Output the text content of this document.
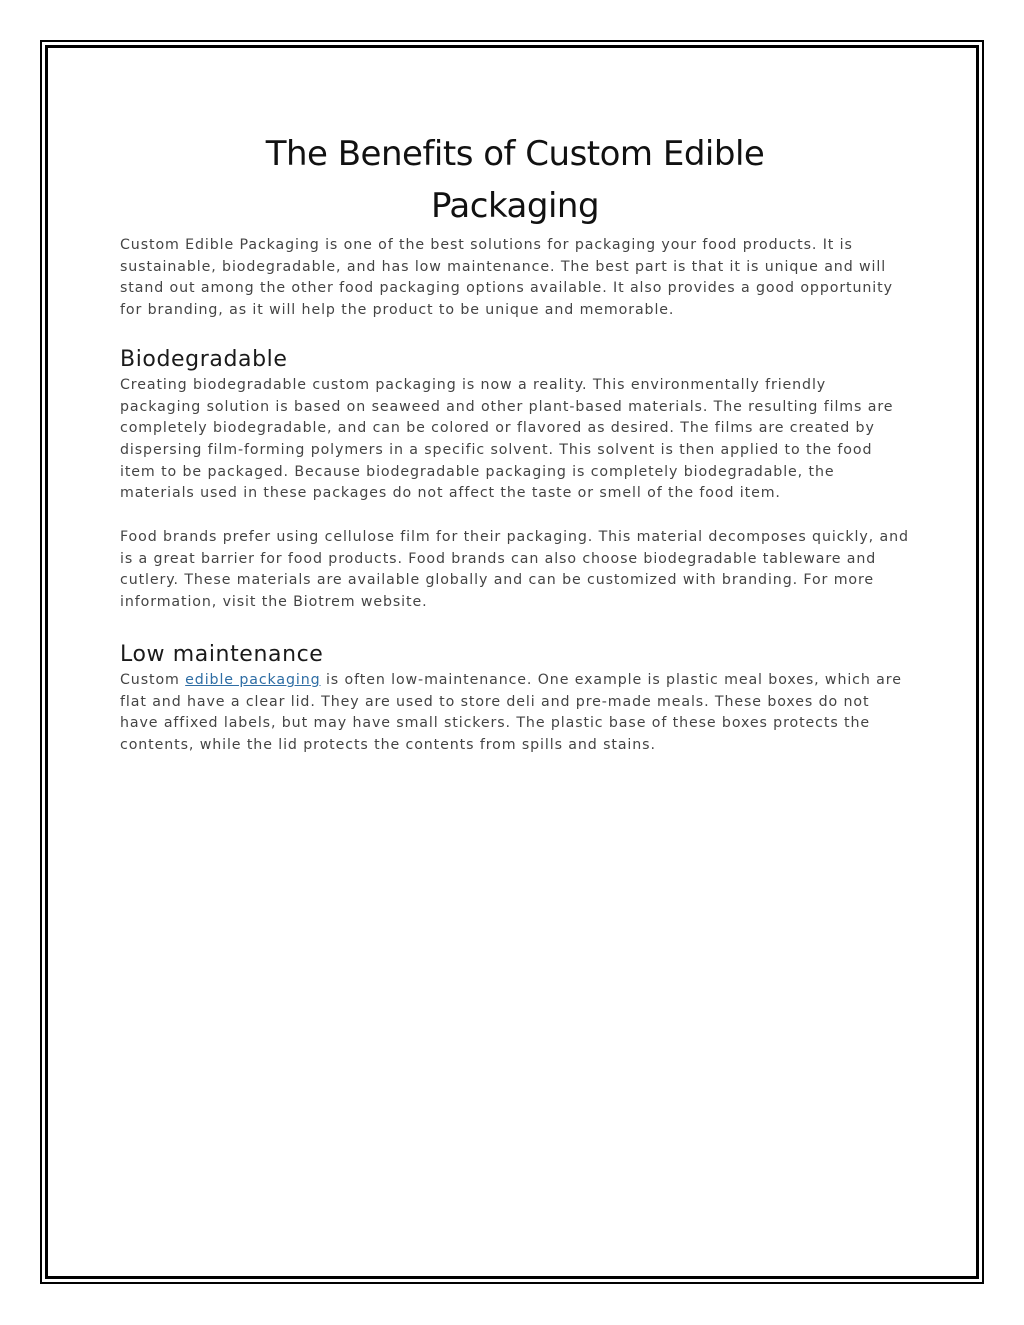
The Benefits of Custom Edible
Packaging

Custom Edible Packaging is one of the best solutions for packaging your food products. It is sustainable, biodegradable, and has low maintenance. The best part is that it is unique and will stand out among the other food packaging options available. It also provides a good opportunity for branding, as it will help the product to be unique and memorable.

Biodegradable

Creating biodegradable custom packaging is now a reality. This environmentally friendly packaging solution is based on seaweed and other plant-based materials. The resulting films are completely biodegradable, and can be colored or flavored as desired. The films are created by dispersing film-forming polymers in a specific solvent. This solvent is then applied to the food item to be packaged. Because biodegradable packaging is completely biodegradable, the materials used in these packages do not affect the taste or smell of the food item.

Food brands prefer using cellulose film for their packaging. This material decomposes quickly, and is a great barrier for food products. Food brands can also choose biodegradable tableware and cutlery. These materials are available globally and can be customized with branding. For more information, visit the Biotrem website.

Low maintenance

Custom edible packaging is often low-maintenance. One example is plastic meal boxes, which are flat and have a clear lid. They are used to store deli and pre-made meals. These boxes do not have affixed labels, but may have small stickers. The plastic base of these boxes protects the contents, while the lid protects the contents from spills and stains.
